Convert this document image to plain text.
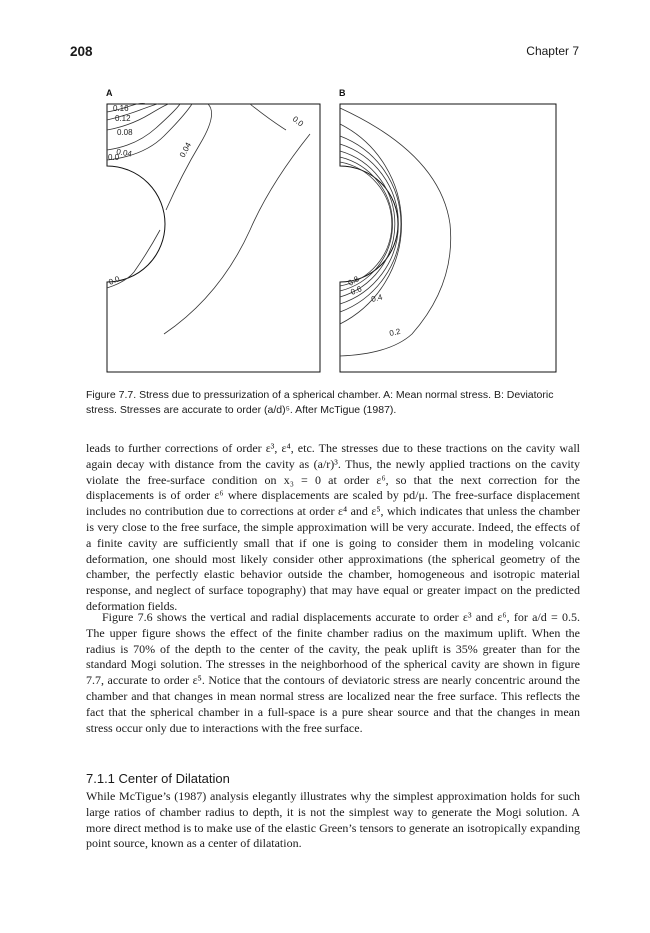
208	Chapter 7
A
0.16
0.12
0.08
0.04
0.0	0.04
0.0
0.0
B
0.8
0.6
0.4
0.2

Figure 7.7. Stress due to pressurization of a spherical chamber. A: Mean normal stress. B: Deviatoric stress. Stresses are accurate to order (a/d)⁵. After McTigue (1987).

leads to further corrections of order ε³, ε⁴, etc. The stresses due to these tractions on the cavity wall again decay with distance from the cavity as (a/r)³. Thus, the newly applied tractions on the cavity violate the free-surface condition on x₃ = 0 at order ε⁶, so that the next correction for the displacements is of order ε⁶ where displacements are scaled by pd/μ. The free-surface displacement includes no contribution due to corrections at order ε⁴ and ε⁵, which indicates that unless the chamber is very close to the free surface, the simple approximation will be very accurate. Indeed, the effects of a finite cavity are sufficiently small that if one is going to consider them in modeling volcanic deformation, one should most likely consider other approximations (the spherical geometry of the chamber, the perfectly elastic behavior outside the chamber, homogeneous and isotropic material response, and neglect of surface topography) that may have equal or greater impact on the predicted deformation fields.

Figure 7.6 shows the vertical and radial displacements accurate to order ε³ and ε⁶, for a/d = 0.5. The upper figure shows the effect of the finite chamber radius on the maximum uplift. When the radius is 70% of the depth to the center of the cavity, the peak uplift is 35% greater than for the standard Mogi solution. The stresses in the neighborhood of the spherical cavity are shown in figure 7.7, accurate to order ε⁵. Notice that the contours of deviatoric stress are nearly concentric around the chamber and that changes in mean normal stress are localized near the free surface. This reflects the fact that the spherical chamber in a full-space is a pure shear source and that the changes in mean stress occur only due to interactions with the free surface.

7.1.1 Center of Dilatation

While McTigue’s (1987) analysis elegantly illustrates why the simplest approximation holds for such large ratios of chamber radius to depth, it is not the simplest way to generate the Mogi solution. A more direct method is to make use of the elastic Green’s tensors to generate an isotropically expanding point source, known as a center of dilatation.
